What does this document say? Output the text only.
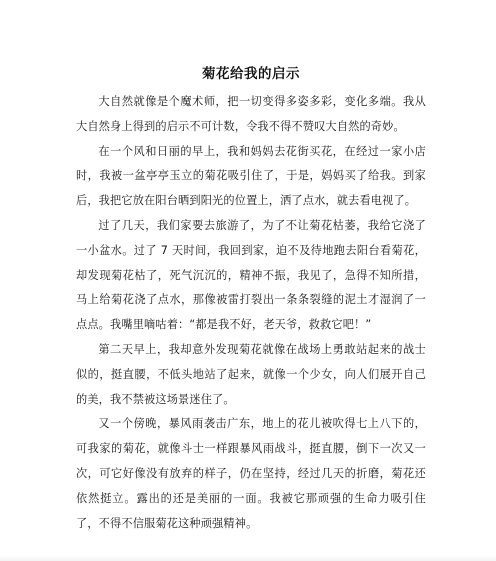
菊花给我的启示

大自然就像是个魔术师，把一切变得多姿多彩，变化多端。我从大自然身上得到的启示不可计数，令我不得不赞叹大自然的奇妙。

在一个风和日丽的早上，我和妈妈去花街买花，在经过一家小店时，我被一盆亭亭玉立的菊花吸引住了，于是，妈妈买了给我。到家后，我把它放在阳台晒到阳光的位置上，洒了点水，就去看电视了。

过了几天，我们家要去旅游了，为了不让菊花枯萎，我给它浇了一小盆水。过了 7 天时间，我回到家，迫不及待地跑去阳台看菊花，却发现菊花枯了，死气沉沉的，精神不振，我见了，急得不知所措，马上给菊花浇了点水，那像被雷打裂出一条条裂缝的泥土才湿润了一点点。我嘴里嘀咕着：“都是我不好，老天爷，救救它吧！”

第二天早上，我却意外发现菊花就像在战场上勇敢站起来的战士似的，挺直腰，不低头地站了起来，就像一个少女，向人们展开自己的美，我不禁被这场景迷住了。

又一个傍晚，暴风雨袭击广东，地上的花儿被吹得七上八下的，可我家的菊花，就像斗士一样跟暴风雨战斗，挺直腰，倒下一次又一次，可它好像没有放弃的样子，仍在坚持，经过几天的折磨，菊花还依然挺立。露出的还是美丽的一面。我被它那顽强的生命力吸引住了，不得不信服菊花这种顽强精神。
